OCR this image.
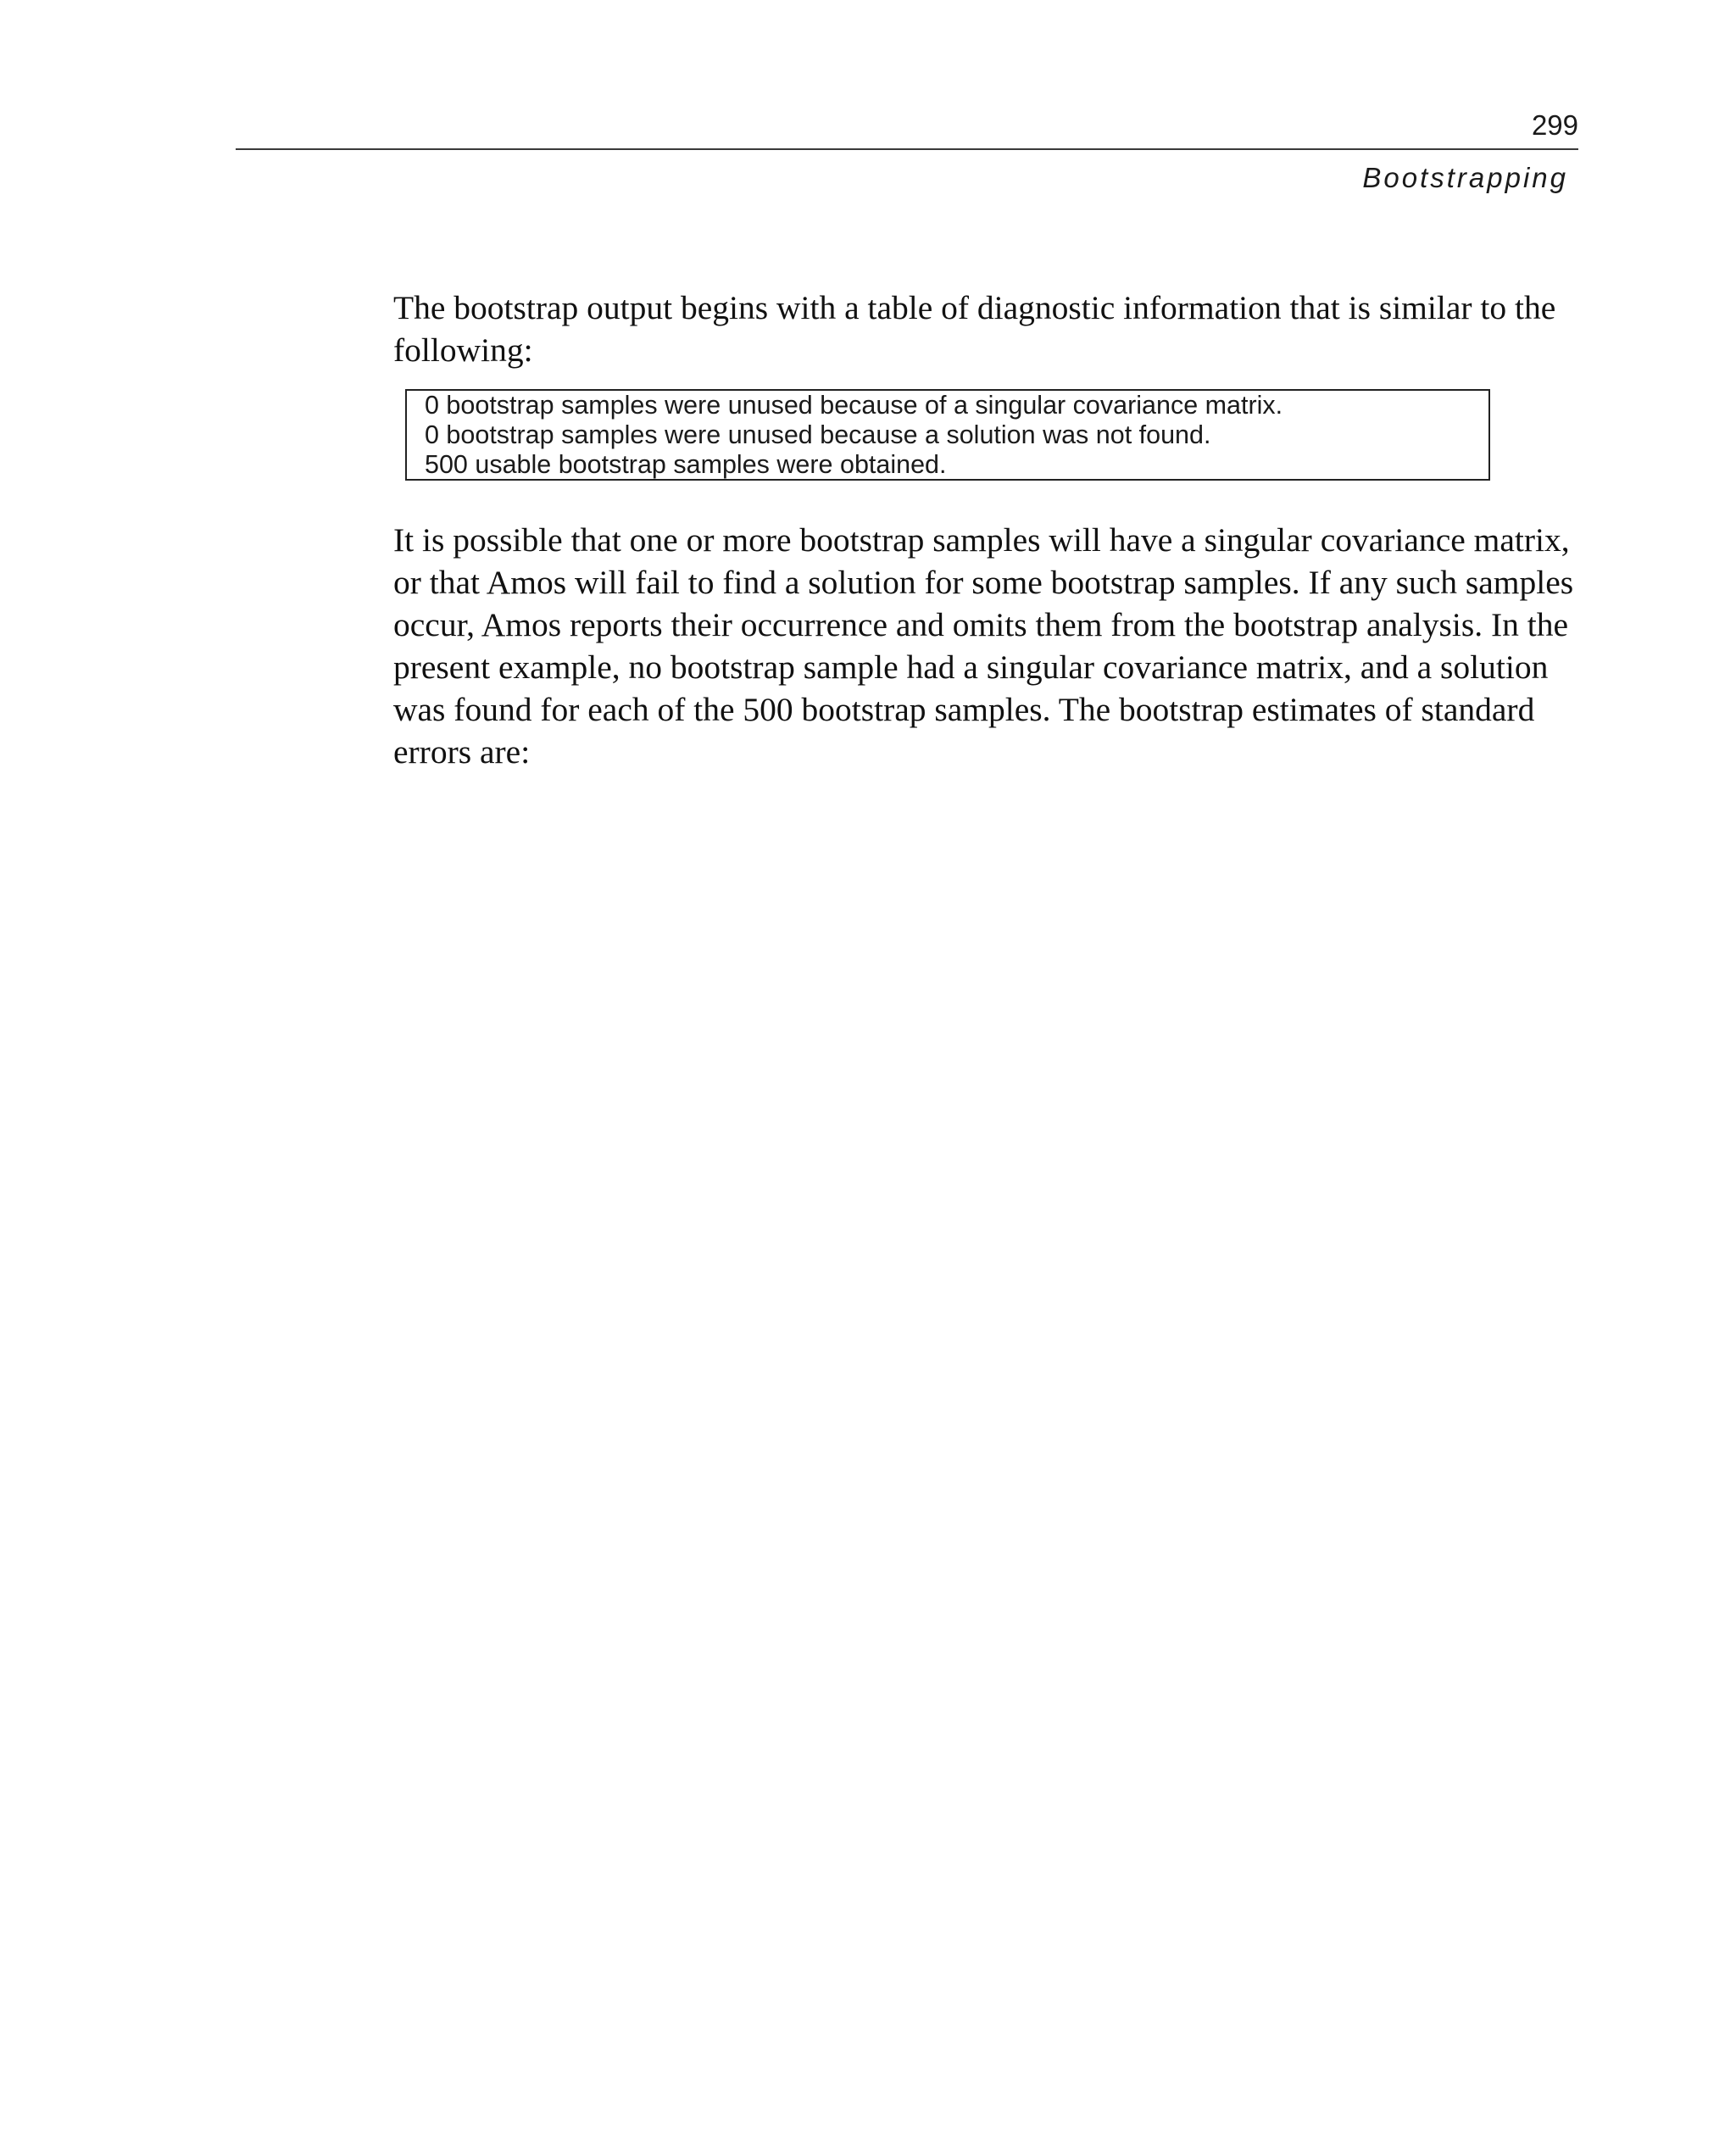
299
Bootstrapping

The bootstrap output begins with a table of diagnostic information that is similar to the following:

0 bootstrap samples were unused because of a singular covariance matrix.
0 bootstrap samples were unused because a solution was not found.
500 usable bootstrap samples were obtained.

It is possible that one or more bootstrap samples will have a singular covariance matrix, or that Amos will fail to find a solution for some bootstrap samples. If any such samples occur, Amos reports their occurrence and omits them from the bootstrap analysis. In the present example, no bootstrap sample had a singular covariance matrix, and a solution was found for each of the 500 bootstrap samples. The bootstrap estimates of standard errors are:
